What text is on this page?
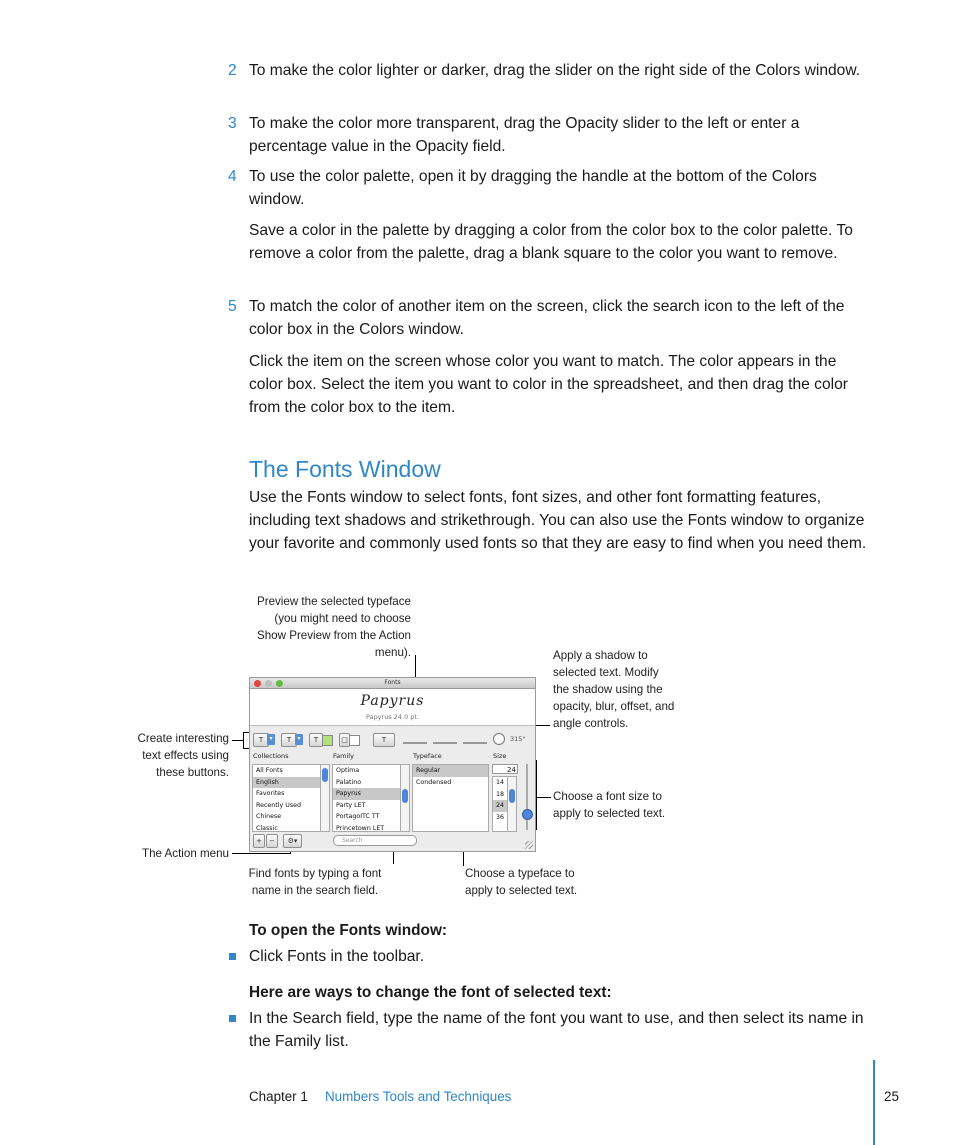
2 To make the color lighter or darker, drag the slider on the right side of the Colors window.
3 To make the color more transparent, drag the Opacity slider to the left or enter a percentage value in the Opacity field.
4 To use the color palette, open it by dragging the handle at the bottom of the Colors window.
Save a color in the palette by dragging a color from the color box to the color palette. To remove a color from the palette, drag a blank square to the color you want to remove.
5 To match the color of another item on the screen, click the search icon to the left of the color box in the Colors window.
Click the item on the screen whose color you want to match. The color appears in the color box. Select the item you want to color in the spreadsheet, and then drag the color from the color box to the item.
The Fonts Window
Use the Fonts window to select fonts, font sizes, and other font formatting features, including text shadows and strikethrough. You can also use the Fonts window to organize your favorite and commonly used fonts so that they are easy to find when you need them.
Preview the selected typeface (you might need to choose Show Preview from the Action menu).	Apply a shadow to selected text. Modify the shadow using the opacity, blur, offset, and angle controls.
Create interesting text effects using these buttons.
Choose a font size to apply to selected text.
The Action menu
Find fonts by typing a font name in the search field.
Choose a typeface to apply to selected text.
Fonts
Papyrus
Papyrus 24.0 pt.
T	▾	T	▾	T	□	T	315°
Collections	Family	Typeface	Size
All Fonts
English
Favorites
Recently Used
Chinese
Classic
Optima
Palatino
Papyrus
Party LET
PortagoITC TT
Princetown LET
Regular
Condensed
24
14
18
24
36
+	−	⚙▾	Search
To open the Fonts window:
Click Fonts in the toolbar.
Here are ways to change the font of selected text:
In the Search field, type the name of the font you want to use, and then select its name in the Family list.
Chapter 1 Numbers Tools and Techniques	25
